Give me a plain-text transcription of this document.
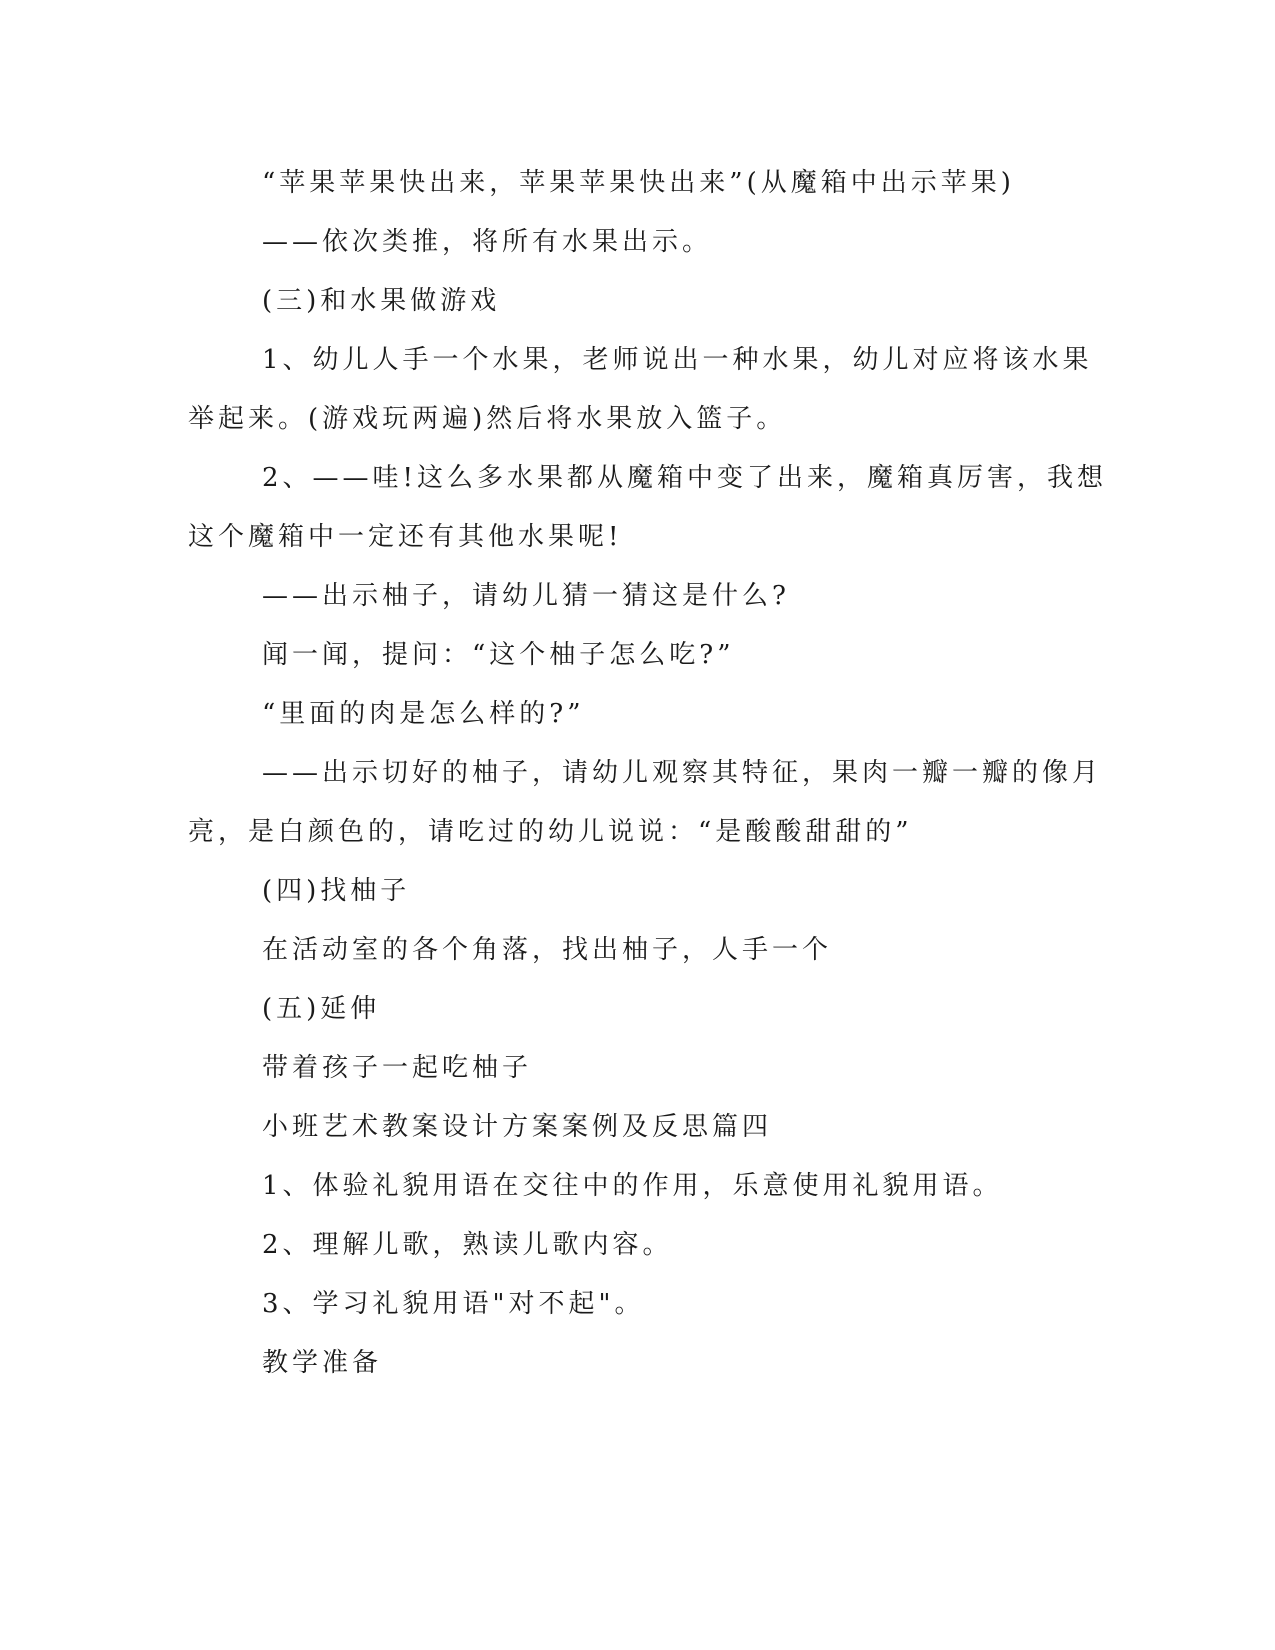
“苹果苹果快出来，苹果苹果快出来”(从魔箱中出示苹果)
——依次类推，将所有水果出示。
(三)和水果做游戏
1、幼儿人手一个水果，老师说出一种水果，幼儿对应将该水果
举起来。(游戏玩两遍)然后将水果放入篮子。
2、——哇!这么多水果都从魔箱中变了出来，魔箱真厉害，我想
这个魔箱中一定还有其他水果呢!
——出示柚子，请幼儿猜一猜这是什么?
闻一闻，提问：“这个柚子怎么吃?”
“里面的肉是怎么样的?”
——出示切好的柚子，请幼儿观察其特征，果肉一瓣一瓣的像月
亮，是白颜色的，请吃过的幼儿说说：“是酸酸甜甜的”
(四)找柚子
在活动室的各个角落，找出柚子，人手一个
(五)延伸
带着孩子一起吃柚子
小班艺术教案设计方案案例及反思篇四
1、体验礼貌用语在交往中的作用，乐意使用礼貌用语。
2、理解儿歌，熟读儿歌内容。
3、学习礼貌用语"对不起"。
教学准备
